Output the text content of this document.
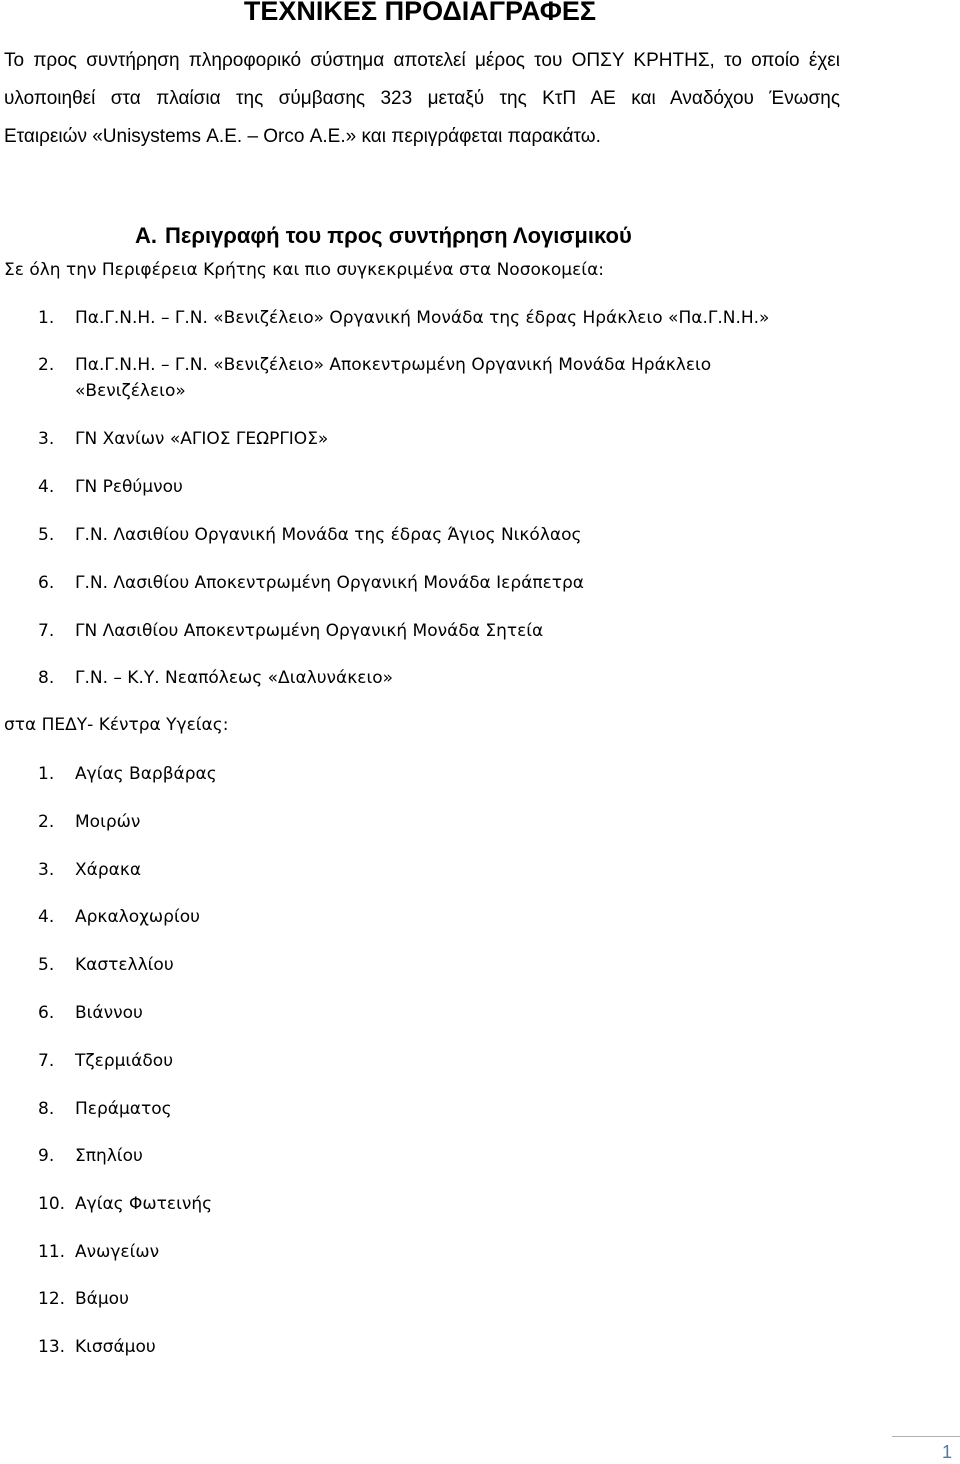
ΤΕΧΝΙΚΕΣ ΠΡΟΔΙΑΓΡΑΦΕΣ

Το προς συντήρηση πληροφορικό σύστημα αποτελεί μέρος του ΟΠΣΥ ΚΡΗΤΗΣ, το οποίο έχει
υλοποιηθεί στα πλαίσια της σύμβασης 323 μεταξύ της ΚτΠ ΑΕ και Αναδόχου Ένωσης
Εταιρειών «Unisystems Α.Ε. – Orco Α.Ε.» και περιγράφεται παρακάτω.

Α. Περιγραφή του προς συντήρηση Λογισμικού

Σε όλη την Περιφέρεια Κρήτης και πιο συγκεκριμένα στα Νοσοκομεία:

1. Πα.Γ.Ν.Η. – Γ.Ν. «Βενιζέλειο» Οργανική Μονάδα της έδρας Ηράκλειο «Πα.Γ.Ν.Η.»
2. Πα.Γ.Ν.Η. – Γ.Ν. «Βενιζέλειο» Αποκεντρωμένη Οργανική Μονάδα Ηράκλειο «Βενιζέλειο»
3. ΓΝ Χανίων «ΑΓΙΟΣ ΓΕΩΡΓΙΟΣ»
4. ΓΝ Ρεθύμνου
5. Γ.Ν. Λασιθίου Οργανική Μονάδα της έδρας Άγιος Νικόλαος
6. Γ.Ν. Λασιθίου Αποκεντρωμένη Οργανική Μονάδα Ιεράπετρα
7. ΓΝ Λασιθίου Αποκεντρωμένη Οργανική Μονάδα Σητεία
8. Γ.Ν. – Κ.Υ. Νεαπόλεως «Διαλυνάκειο»

στα ΠΕΔΥ- Κέντρα Υγείας:

1. Αγίας Βαρβάρας
2. Μοιρών
3. Χάρακα
4. Αρκαλοχωρίου
5. Καστελλίου
6. Βιάννου
7. Τζερμιάδου
8. Περάματος
9. Σπηλίου
10. Αγίας Φωτεινής
11. Ανωγείων
12. Βάμου
13. Κισσάμου
1
